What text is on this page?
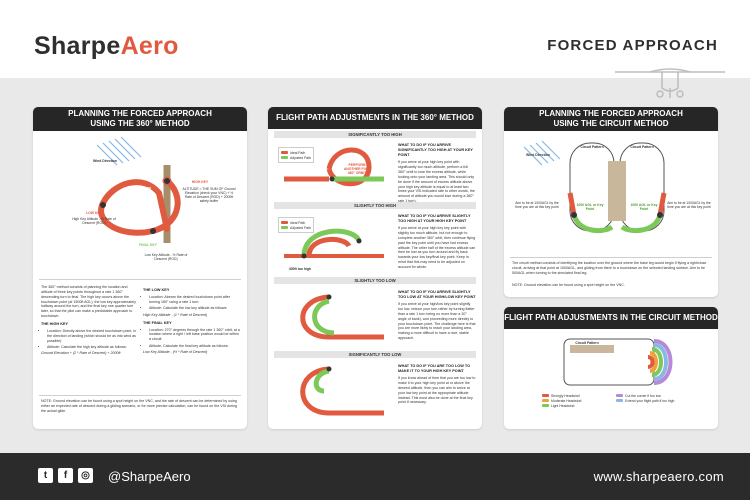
SharpeAero	FORCED APPROACH
PLANNING THE FORCED APPROACH
USING THE 360° METHOD
Wind Direction
Rate 2 Turn
LOW KEY
High Key Altitude - ½ Rate of Descent (ROD)
HIGH KEY
ALTITUDE = THE SUM OF Ground Elevation (check your VNC) + ½ Rate of Descent (ROD) + 2000ft safety buffer
FINAL KEY
Low Key Altitude - ½ Rate of Descent (ROD)

The 360° method consists of planning the location and altitude of three key points throughout a rate 1 360° descending turn to final. The high key occurs above the touchdown point (at 1500ft AGL), the low key approximately halfway around the turn, and the final key one quarter turn later, so that the pilot can make a predictable approach to touchdown.

THE HIGH KEY
• Location: Directly above the desired touchdown point, in the direction of landing (which should be as into wind as possible).
• Altitude: Calculate the high key altitude as follows:

Ground Elevation + (2 * Rate of Descent) + 2000ft

THE LOW KEY
• Location: Abeam the desired touchdown point after turning 180° using a rate 1 turn.
• Altitude: Calculate the low key altitude as follows:

High Key Altitude - (1 * Rate of Descent)

THE FINAL KEY
• Location: 270° degrees through the rate 1 360° orbit, at a location where a right / left base position would be within a circuit.
• Altitude: Calculate the final key altitude as follows:

Low Key Altitude - (½ * Rate of Descent)

NOTE: Ground elevation can be found using a spot height on the VNC, and the rate of descent can be determined by using either an expected rate of descent during a gliding scenario, or for more precise calculation, can be found on the VSI during the actual glide.
FLIGHT PATH ADJUSTMENTS IN THE 360° METHOD
SIGNIFICANTLY TOO HIGH
Ideal Path
Adjusted Path
PERFORM ANOTHER FULL 360° ORBIT
WHAT TO DO IF YOU ARRIVE SIGNIFICANTLY TOO HIGH AT YOUR KEY POINT

If you arrive at your high key point with significantly too much altitude, perform a full 360° orbit to lose the excess altitude, while looking onto your landing area. This should only be done if the amount of excess altitude above your high key altitude is equal to at least two times your VSI indicated rate to other words, the amount of altitude you would lose during a 360°

SLIGHTLY TOO HIGH
Ideal Path
Adjusted Path
400ft too high
WHAT TO DO IF YOU ARRIVE SLIGHTLY TOO HIGH AT YOUR HIGH KEY POINT

If you arrive at your high key key point with slightly too much altitude, but not enough to complete another 360° orbit, then continue flying past the key point until you have lost excess altitude. The other half of the excess altitude can then be lost as you turn around and fly back towards your low key/final key point. Keep in mind that this may need to be adjusted on account for winds.

SLIGHTLY TOO LOW
WHAT TO DO IF YOU ARRIVE SLIGHTLY TOO LOW AT YOUR HIGH/LOW KEY POINT

If you arrive at your high/low key point slightly too low, reduce your turn rather by turning flatter than a rate 1 turn being no more than a 30° angle of bank), and proceeding more directly to your touchdown point. The challenge here is that you are more likely to reach your landing area, making a more difficult to have a nice, stable approach.

SIGNIFICANTLY TOO LOW
WHAT TO DO IF YOU ARE TOO LOW TO MAKE IT TO YOUR HIGH KEY POINT

If you know ahead of time that you are too low to make it to your high key point at or above the desired altitude, then you can aim to arrive at your low key point at the appropriate altitude instead. This must also be done at the final key point if necessary.

PLANNING THE FORCED APPROACH
USING THE CIRCUIT METHOD
Wind Direction
Circuit Pattern	Circuit Pattern
1000 AGL or Key Point
1000 AGL or Key Point
Aim to be at 1000AGL by the time you are at this key point
Aim to be at 1000AGL by the time you are at this key point
The circuit method consists of identifying the location over the ground where the base leg would begin if flying a right/close circuit, arriving at that point at 1000AGL, and gliding from there to a touchdown on the selected landing surface. Aim to be 500AGL when turning to the simulated final leg.
NOTE: Ground elevation can be found using a spot height on the VNC.
FLIGHT PATH ADJUSTMENTS IN THE CIRCUIT METHOD
Circuit Pattern
Strongly Headwind
Moderate Headwind
Light Headwind
Cut the corner if too low
Extend your flight path if too high
t	f	◎ @SharpeAero	www.sharpeaero.com
